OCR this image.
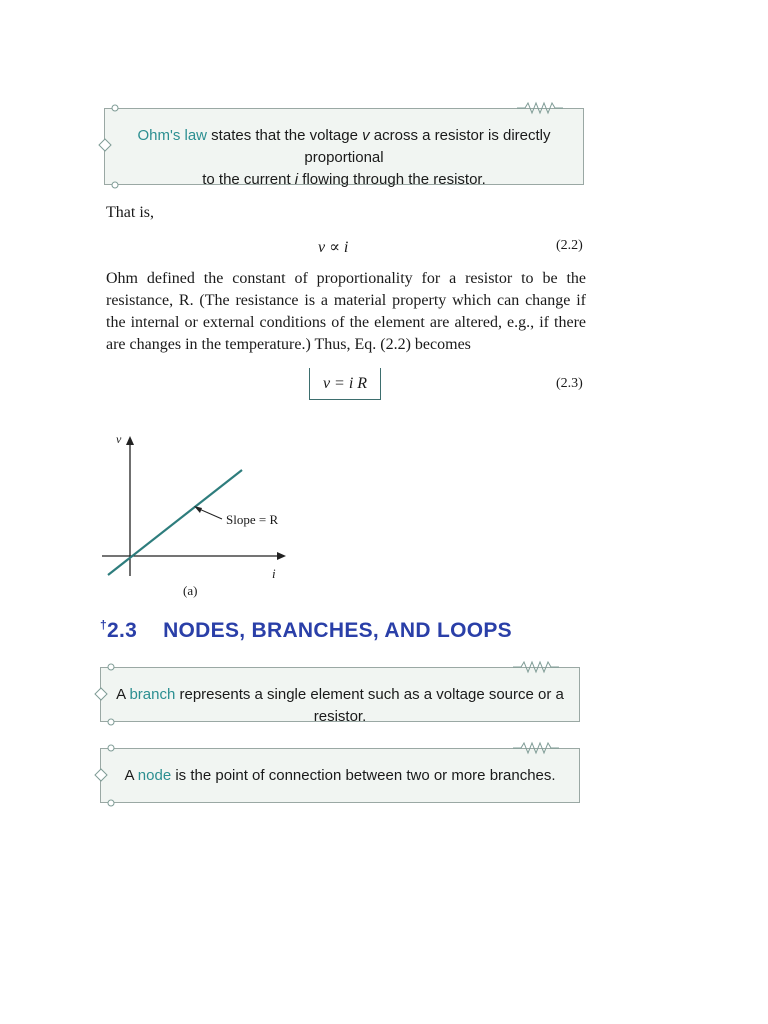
Ohm's law states that the voltage v across a resistor is directly proportional
to the current i flowing through the resistor.
That is,
v ∝ i	(2.2)

Ohm defined the constant of proportionality for a resistor to be the resistance, R. (The resistance is a material property which can change if the internal or external conditions of the element are altered, e.g., if there are changes in the temperature.) Thus, Eq. (2.2) becomes

v = i R	(2.3)
v
i
Slope = R
(a)
†2.3 NODES, BRANCHES, AND LOOPS
A branch represents a single element such as a voltage source or a resistor.
A node is the point of connection between two or more branches.
